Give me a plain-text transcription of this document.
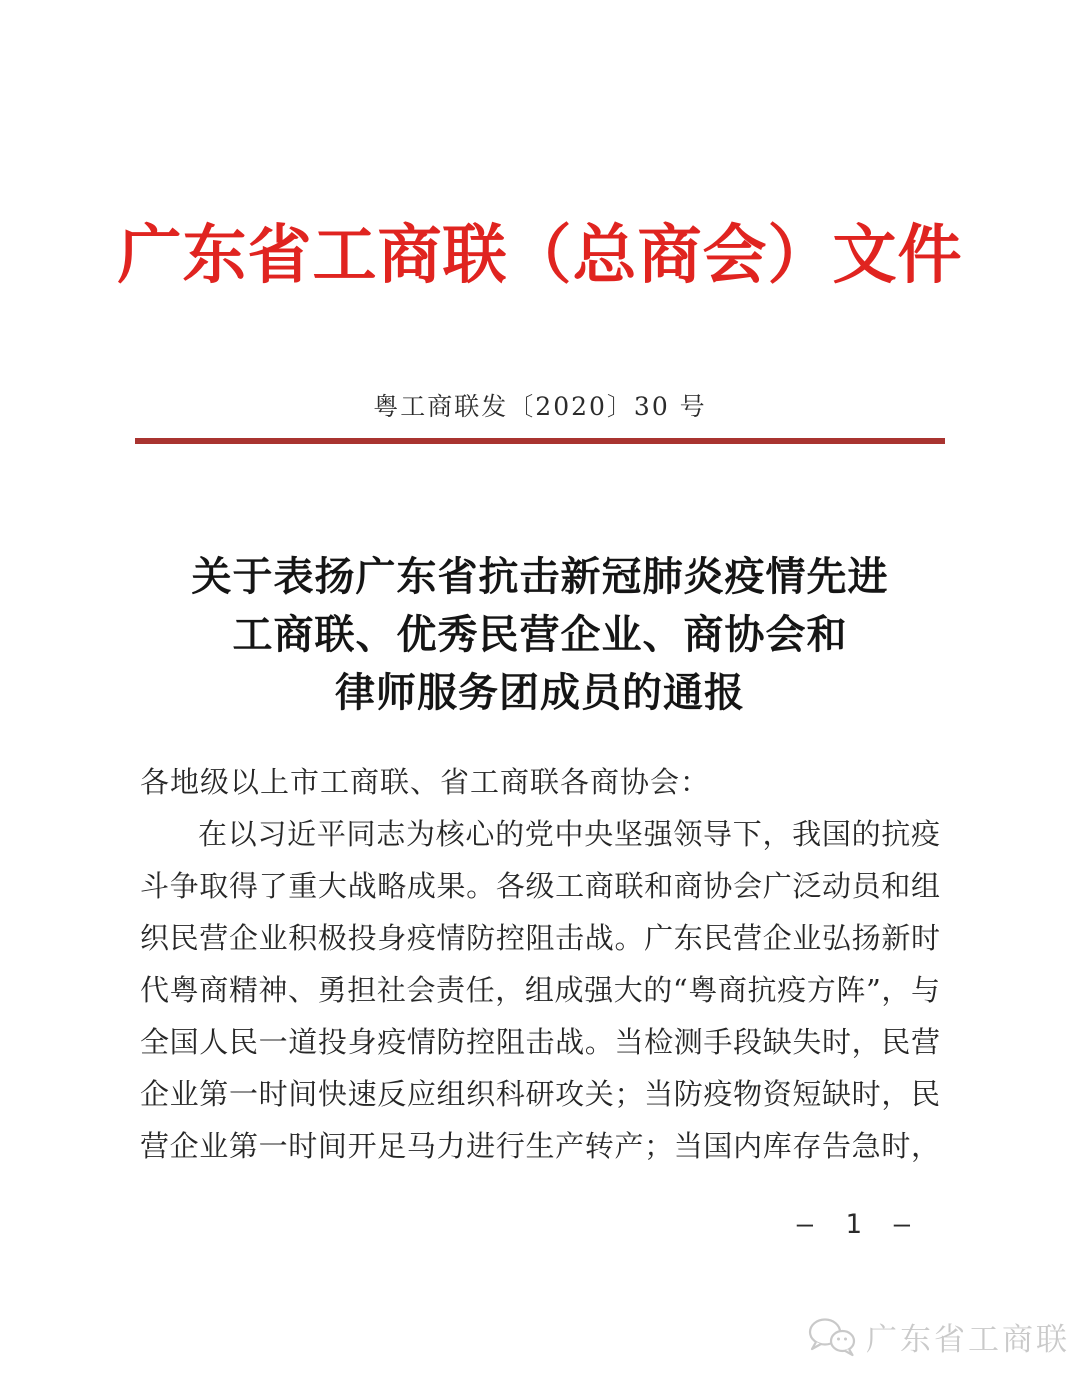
广东省工商联（总商会）文件
粤工商联发〔2020〕30 号
关于表扬广东省抗击新冠肺炎疫情先进
工商联、优秀民营企业、商协会和
律师服务团成员的通报
各地级以上市工商联、省工商联各商协会：
在以习近平同志为核心的党中央坚强领导下，我国的抗疫
斗争取得了重大战略成果。各级工商联和商协会广泛动员和组
织民营企业积极投身疫情防控阻击战。广东民营企业弘扬新时
代粤商精神、勇担社会责任，组成强大的“粤商抗疫方阵”，与
全国人民一道投身疫情防控阻击战。当检测手段缺失时，民营
企业第一时间快速反应组织科研攻关；当防疫物资短缺时，民
营企业第一时间开足马力进行生产转产；当国内库存告急时，
— 1 —
广东省工商联
